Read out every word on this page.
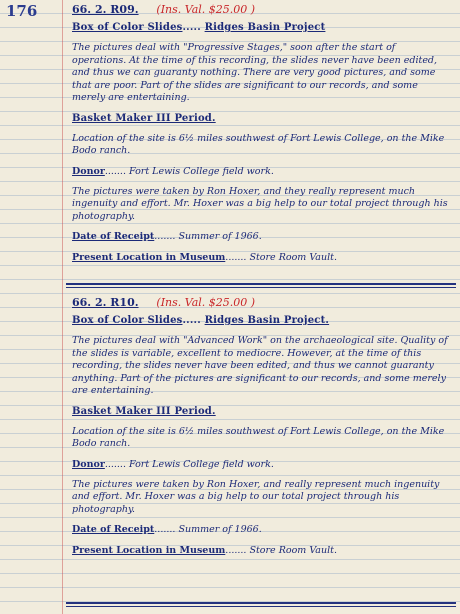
176	66. 2. R09. (Ins. Val. $25.00 )
Box of Color Slides..... Ridges Basin Project
The pictures deal with "Progressive Stages," soon after the start of operations. At the time of this recording, the slides never have been edited, and thus we can guaranty nothing. There are very good pictures, and some that are poor. Part of the slides are significant to our records, and some merely are entertaining.
Basket Maker III Period.
Location of the site is 6½ miles southwest of Fort Lewis College, on the Mike Bodo ranch.
Donor....... Fort Lewis College field work.
The pictures were taken by Ron Hoxer, and they really represent much ingenuity and effort. Mr. Hoxer was a big help to our total project through his photography.
Date of Receipt....... Summer of 1966.
Present Location in Museum....... Store Room Vault.
66. 2. R10. (Ins. Val. $25.00 )
Box of Color Slides..... Ridges Basin Project.
The pictures deal with "Advanced Work" on the archaeological site. Quality of the slides is variable, excellent to mediocre. However, at the time of this recording, the slides never have been edited, and thus we cannot guaranty anything. Part of the pictures are significant to our records, and some merely are entertaining.
Basket Maker III Period.
Location of the site is 6½ miles southwest of Fort Lewis College, on the Mike Bodo ranch.
Donor....... Fort Lewis College field work.
The pictures were taken by Ron Hoxer, and really represent much ingenuity and effort. Mr. Hoxer was a big help to our total project through his photography.
Date of Receipt....... Summer of 1966.
Present Location in Museum....... Store Room Vault.
